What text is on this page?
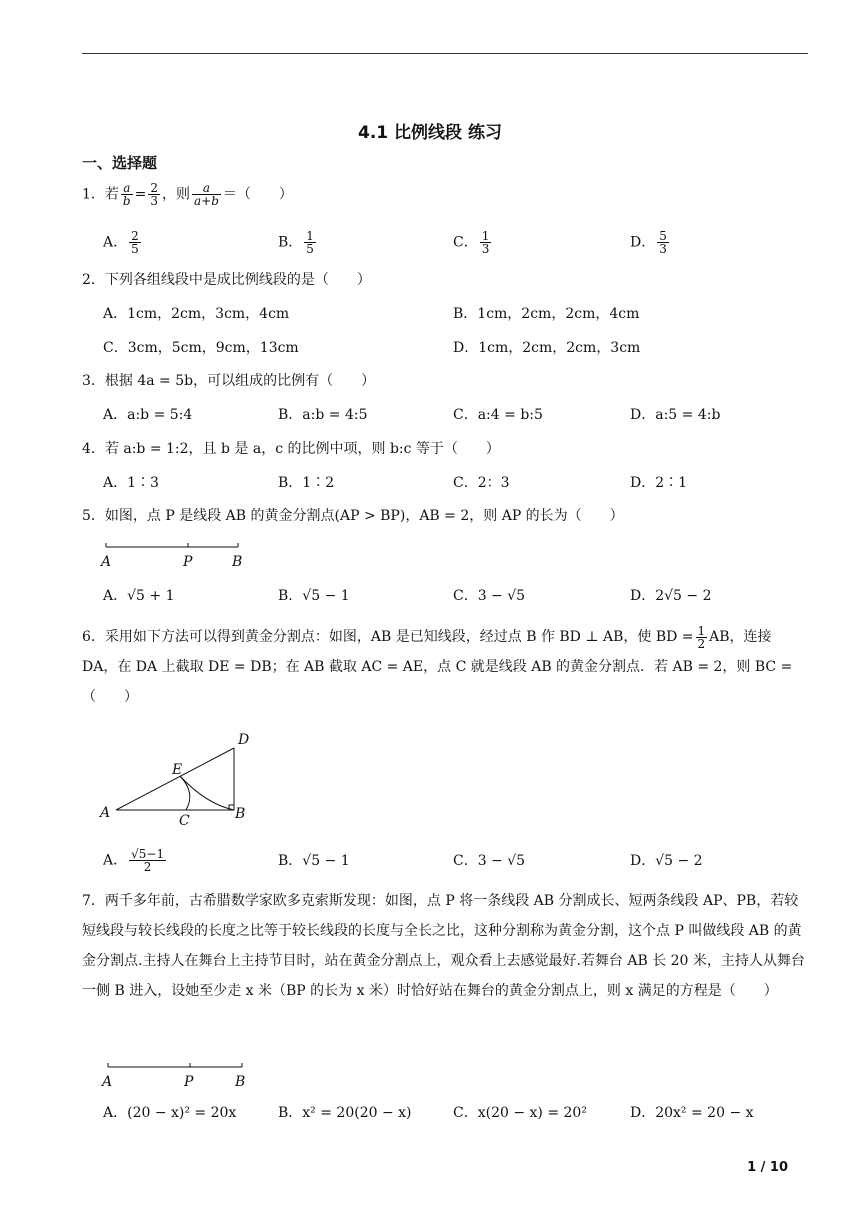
4.1 比例线段 练习
一、选择题
1．若 $\frac{a}{b} = \frac{2}{3}$ ，则 $\frac{a}{a+b}$ ＝（　　）
A． $\frac{2}{5}$	B． $\frac{1}{5}$	C． $\frac{1}{3}$	D． $\frac{5}{3}$
2．下列各组线段中是成比例线段的是（　　）
A．1cm，2cm，3cm，4cm	B．1cm，2cm，2cm，4cm
C．3cm，5cm，9cm，13cm	D．1cm，2cm，2cm，3cm
3．根据 4a = 5b，可以组成的比例有（　　）
A．a:b = 5:4	B．a:b = 4:5	C．a:4 = b:5	D．a:5 = 4:b
4．若 a:b = 1:2，且 b 是 a，c 的比例中项，则 b:c 等于（　　）
A．1∶3	B．1∶2	C．2：3	D．2∶1
5．如图，点 P 是线段 AB 的黄金分割点(AP > BP)，AB = 2，则 AP 的长为（　　）
A	P	B
A．√5 + 1	B．√5 − 1	C．3 − √5	D．2√5 − 2
6．采用如下方法可以得到黄金分割点：如图，AB 是已知线段，经过点 B 作 BD ⊥ AB，使 BD = $\frac{1}{2}$ AB，连接 DA，在 DA 上截取 DE = DB；在 AB 截取 AC = AE，点 C 就是线段 AB 的黄金分割点．若 AB = 2，则 BC =（　　）
A
D
E
C	B
A． $\frac{√5-1}{2}$	B．√5 − 1	C．3 − √5	D．√5 − 2
7．两千多年前，古希腊数学家欧多克索斯发现：如图，点 P 将一条线段 AB 分割成长、短两条线段 AP、PB，若较短线段与较长线段的长度之比等于较长线段的长度与全长之比，这种分割称为黄金分割，这个点 P 叫做线段 AB 的黄金分割点.主持人在舞台上主持节目时，站在黄金分割点上，观众看上去感觉最好.若舞台 AB 长 20 米，主持人从舞台一侧 B 进入，设她至少走 x 米（BP 的长为 x 米）时恰好站在舞台的黄金分割点上，则 x 满足的方程是（　　）
A	P	B
A．(20 − x)² = 20x	B．x² = 20(20 − x)	C．x(20 − x) = 20²	D．20x² = 20 − x
1 / 10
